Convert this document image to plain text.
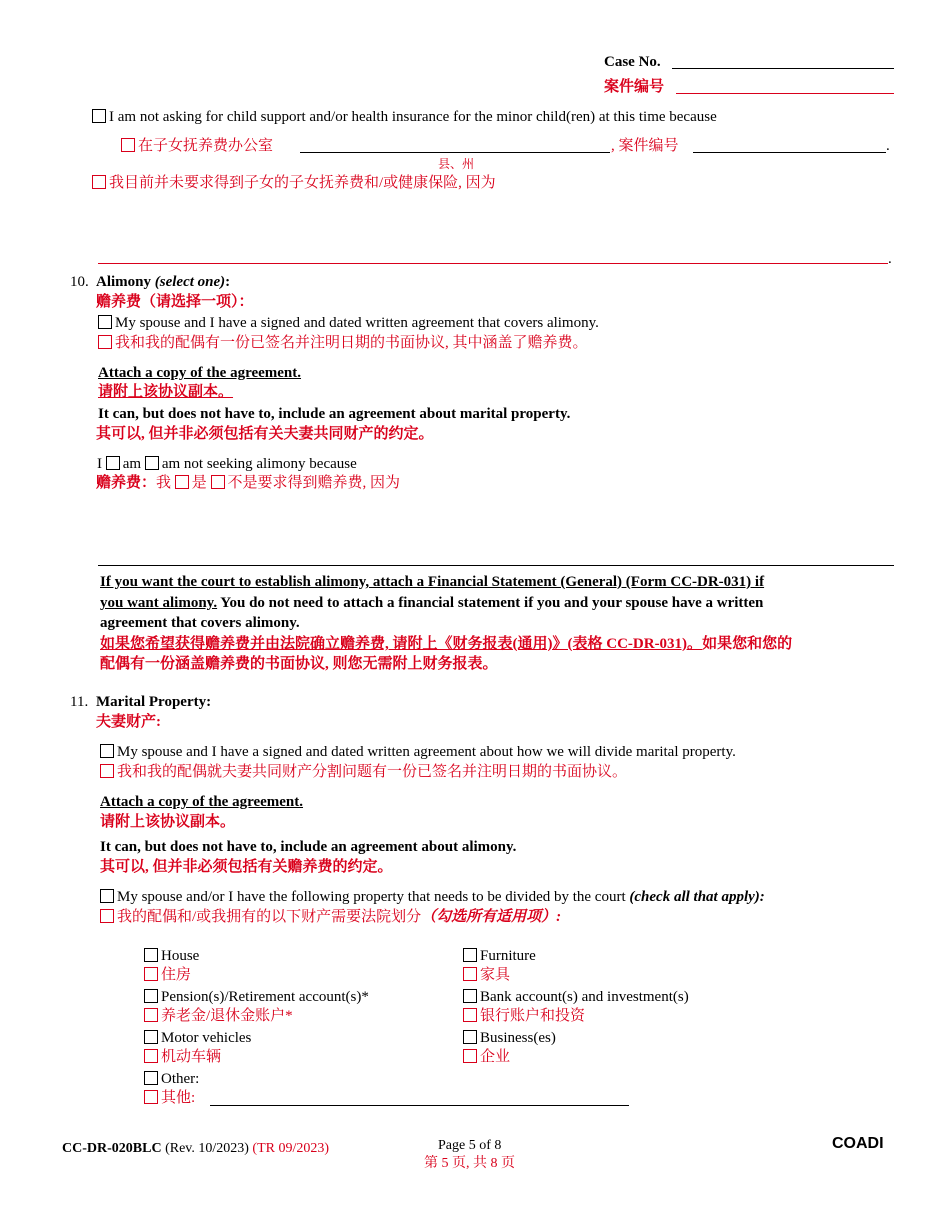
Case No.
案件编号
I am not asking for child support and/or health insurance for the minor child(ren) at this time because
在子女抚养费办公室	, 案件编号	.
县、州
我目前并未要求得到子女的子女抚养费和/或健康保险, 因为
.
10. Alimony (select one):
赡养费（请选择一项）：
My spouse and I have a signed and dated written agreement that covers alimony.
我和我的配偶有一份已签名并注明日期的书面协议, 其中涵盖了赡养费。
Attach a copy of the agreement.
请附上该协议副本。
It can, but does not have to, include an agreement about marital property.
其可以, 但并非必须包括有关夫妻共同财产的约定。
I am am not seeking alimony because
赡养费：我 是 不是要求得到赡养费, 因为
If you want the court to establish alimony, attach a Financial Statement (General) (Form CC-DR-031) if
you want alimony. You do not need to attach a financial statement if you and your spouse have a written
agreement that covers alimony.
如果您希望获得赡养费并由法院确立赡养费, 请附上《财务报表(通用)》(表格 CC-DR-031)。如果您和您的
配偶有一份涵盖赡养费的书面协议, 则您无需附上财务报表。
11. Marital Property:
夫妻财产:
My spouse and I have a signed and dated written agreement about how we will divide marital property.
我和我的配偶就夫妻共同财产分割问题有一份已签名并注明日期的书面协议。
Attach a copy of the agreement.
请附上该协议副本。
It can, but does not have to, include an agreement about alimony.
其可以, 但并非必须包括有关赡养费的约定。
My spouse and/or I have the following property that needs to be divided by the court (check all that apply):
我的配偶和/或我拥有的以下财产需要法院划分（勾选所有适用项）:
House
住房
Pension(s)/Retirement account(s)*
养老金/退休金账户*
Motor vehicles
机动车辆
Other:
其他:
Furniture
家具
Bank account(s) and investment(s)
银行账户和投资
Business(es)
企业
CC-DR-020BLC (Rev. 10/2023) (TR 09/2023)	Page 5 of 8
第 5 页, 共 8 页
COADI
